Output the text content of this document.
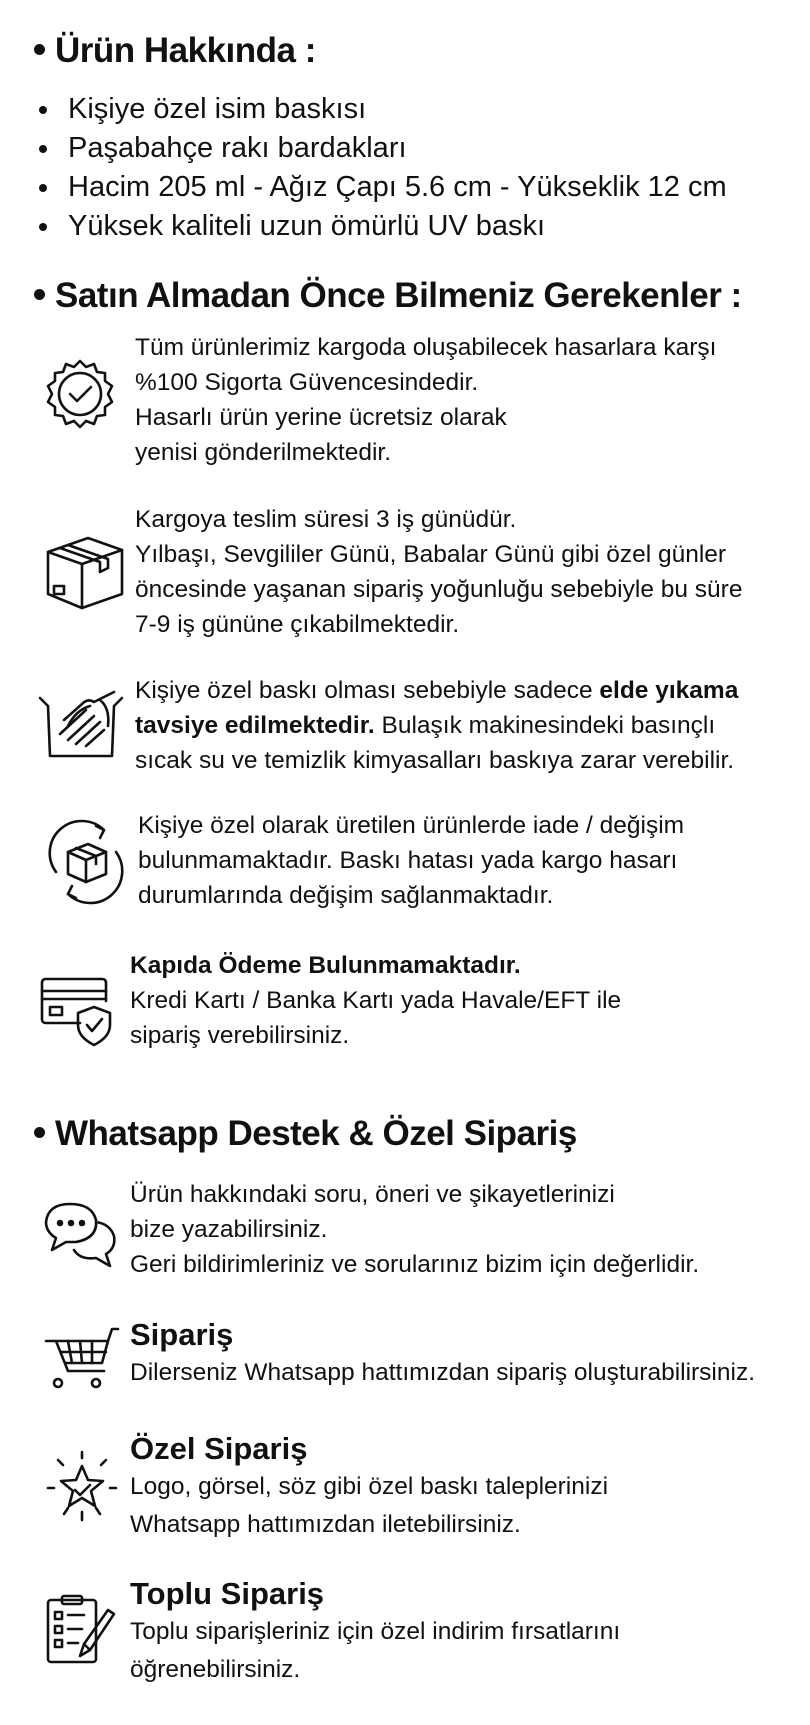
Ürün Hakkında :
Kişiye özel isim baskısı
Paşabahçe rakı bardakları
Hacim 205 ml - Ağız Çapı 5.6 cm - Yükseklik 12 cm
Yüksek kaliteli uzun ömürlü UV baskı
Satın Almadan Önce Bilmeniz Gerekenler :
Tüm ürünlerimiz kargoda oluşabilecek hasarlara karşı
%100 Sigorta Güvencesindedir.
Hasarlı ürün yerine ücretsiz olarak
yenisi gönderilmektedir.
Kargoya teslim süresi 3 iş günüdür.
Yılbaşı, Sevgililer Günü, Babalar Günü gibi özel günler
öncesinde yaşanan sipariş yoğunluğu sebebiyle bu süre
7-9 iş gününe çıkabilmektedir.
Kişiye özel baskı olması sebebiyle sadece elde yıkama
tavsiye edilmektedir. Bulaşık makinesindeki basınçlı
sıcak su ve temizlik kimyasalları baskıya zarar verebilir.
Kişiye özel olarak üretilen ürünlerde iade / değişim
bulunmamaktadır. Baskı hatası yada kargo hasarı
durumlarında değişim sağlanmaktadır.
Kapıda Ödeme Bulunmamaktadır.
Kredi Kartı / Banka Kartı yada Havale/EFT ile
sipariş verebilirsiniz.
Whatsapp Destek & Özel Sipariş
Ürün hakkındaki soru, öneri ve şikayetlerinizi
bize yazabilirsiniz.
Geri bildirimleriniz ve sorularınız bizim için değerlidir.
Sipariş
Dilerseniz Whatsapp hattımızdan sipariş oluşturabilirsiniz.
Özel Sipariş
Logo, görsel, söz gibi özel baskı taleplerinizi
Whatsapp hattımızdan iletebilirsiniz.
Toplu Sipariş
Toplu siparişleriniz için özel indirim fırsatlarını
öğrenebilirsiniz.
